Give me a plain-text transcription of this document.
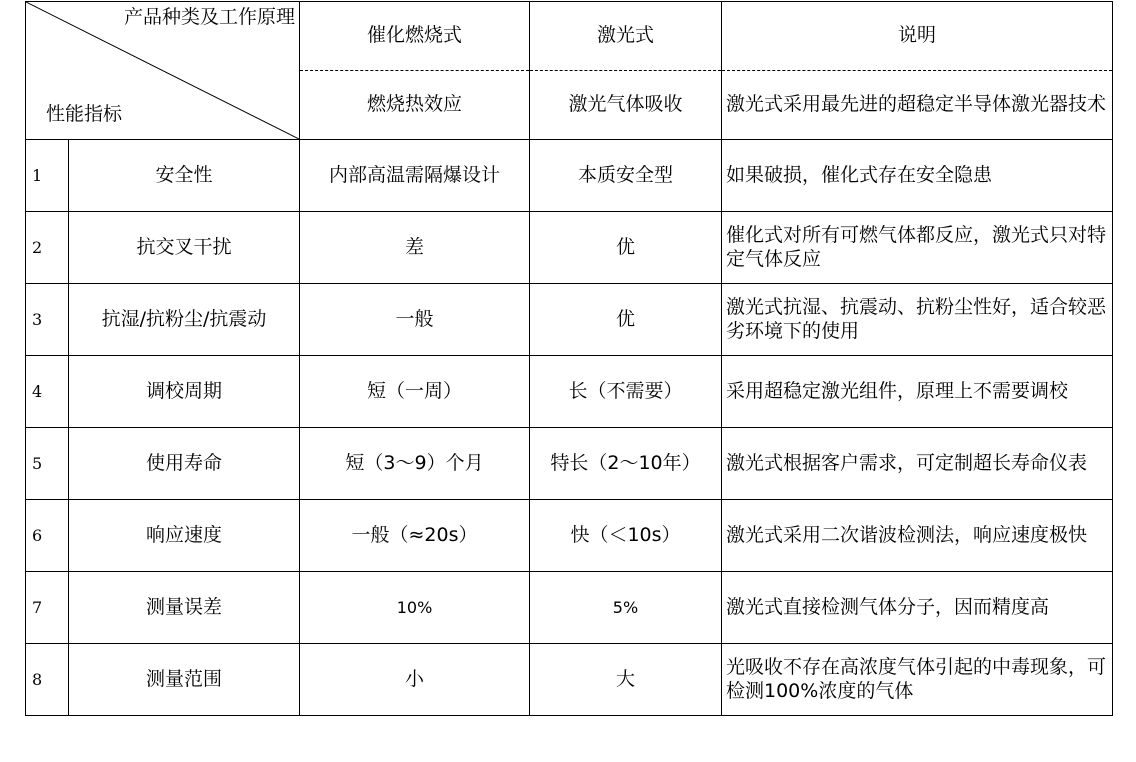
产品种类及工作原理
性能指标		催化燃烧式	激光式	说明
		燃烧热效应	激光气体吸收	激光式采用最先进的超稳定半导体激光器技术
1	安全性	内部高温需隔爆设计	本质安全型	如果破损，催化式存在安全隐患
2	抗交叉干扰	差	优	催化式对所有可燃气体都反应，激光式只对特定气体反应
3	抗湿/抗粉尘/抗震动	一般	优	激光式抗湿、抗震动、抗粉尘性好，适合较恶劣环境下的使用
4	调校周期	短（一周）	长（不需要）	采用超稳定激光组件，原理上不需要调校
5	使用寿命	短（3～9）个月	特长（2～10年）	激光式根据客户需求，可定制超长寿命仪表
6	响应速度	一般（≈20s）	快（＜10s）	激光式采用二次谐波检测法，响应速度极快
7	测量误差	10%	5%	激光式直接检测气体分子，因而精度高
8	测量范围	小	大	光吸收不存在高浓度气体引起的中毒现象，可检测100%浓度的气体
